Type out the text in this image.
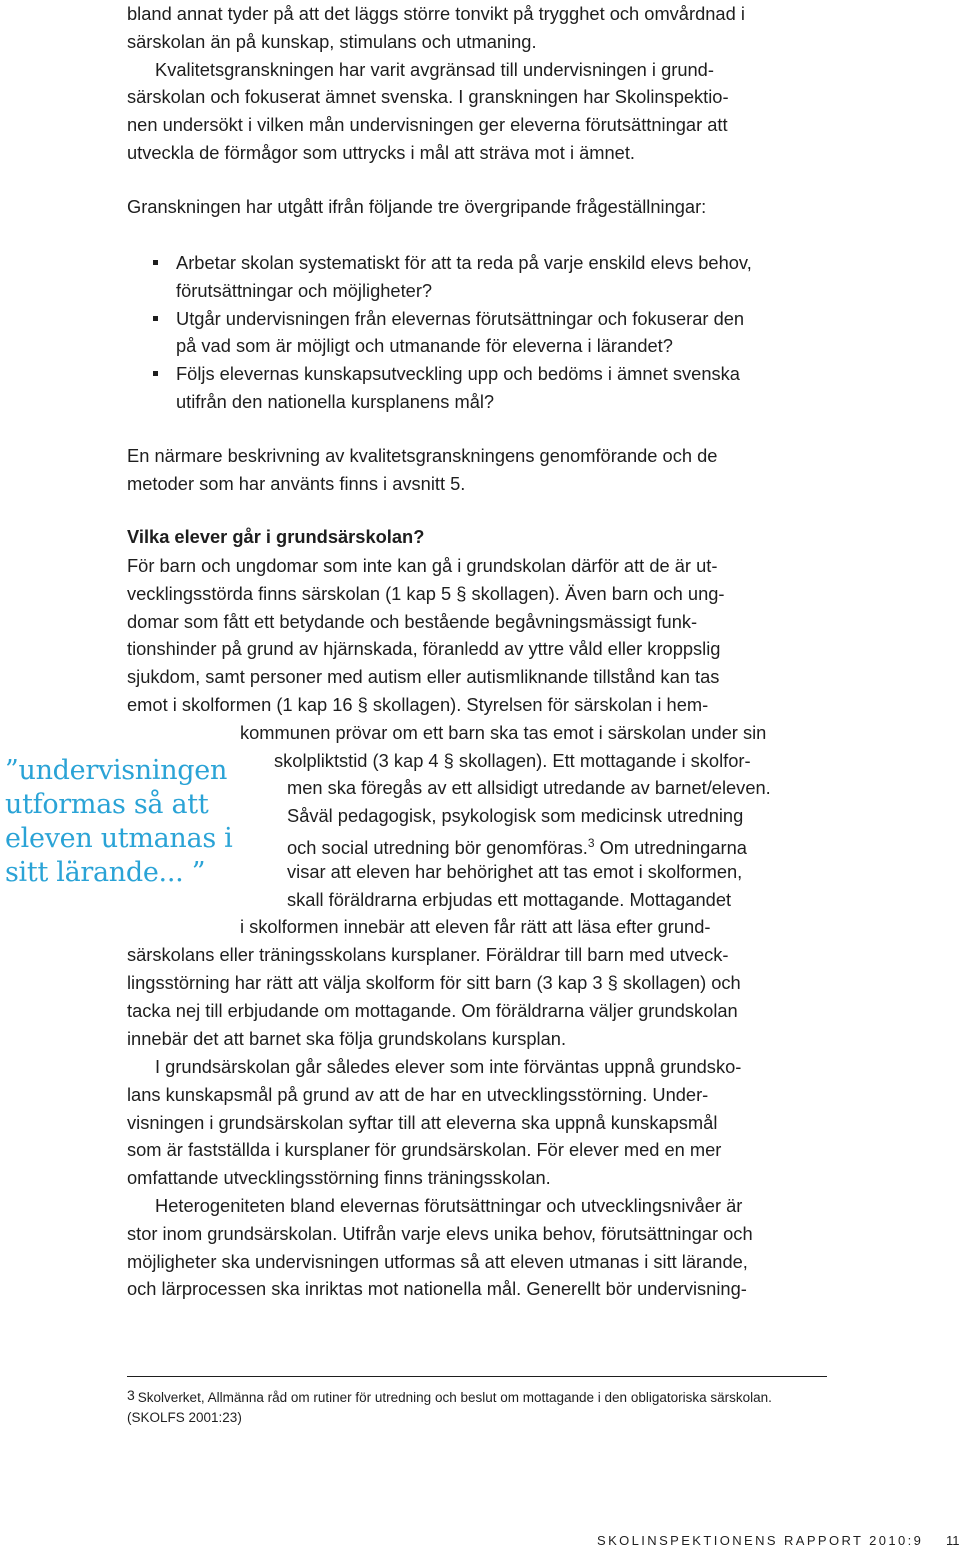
bland annat tyder på att det läggs större tonvikt på trygghet och omvårdnad i
särskolan än på kunskap, stimulans och utmaning.
Kvalitetsgranskningen har varit avgränsad till undervisningen i grund-
särskolan och fokuserat ämnet svenska. I granskningen har Skolinspektio-
nen undersökt i vilken mån undervisningen ger eleverna förutsättningar att
utveckla de förmågor som uttrycks i mål att sträva mot i ämnet.
Granskningen har utgått ifrån följande tre övergripande frågeställningar:
Arbetar skolan systematiskt för att ta reda på varje enskild elevs behov,
förutsättningar och möjligheter?
Utgår undervisningen från elevernas förutsättningar och fokuserar den
på vad som är möjligt och utmanande för eleverna i lärandet?
Följs elevernas kunskapsutveckling upp och bedöms i ämnet svenska
utifrån den nationella kursplanens mål?
En närmare beskrivning av kvalitetsgranskningens genomförande och de
metoder som har använts finns i avsnitt 5.
Vilka elever går i grundsärskolan?
För barn och ungdomar som inte kan gå i grundskolan därför att de är ut-
vecklingsstörda finns särskolan (1 kap 5 § skollagen). Även barn och ung-
domar som fått ett betydande och bestående begåvningsmässigt funk-
tionshinder på grund av hjärnskada, föranledd av yttre våld eller kroppslig
sjukdom, samt personer med autism eller autismliknande tillstånd kan tas
emot i skolformen (1 kap 16 § skollagen). Styrelsen för särskolan i hem-
kommunen prövar om ett barn ska tas emot i särskolan under sin
skolpliktstid (3 kap 4 § skollagen). Ett mottagande i skolfor-
men ska föregås av ett allsidigt utredande av barnet/eleven.
Såväl pedagogisk, psykologisk som medicinsk utredning
och social utredning bör genomföras.$^3$ Om utredningarna
visar att eleven har behörighet att tas emot i skolformen,
skall föräldrarna erbjudas ett mottagande. Mottagandet
i skolformen innebär att eleven får rätt att läsa efter grund-
särskolans eller träningsskolans kursplaner. Föräldrar till barn med utveck-
lingsstörning har rätt att välja skolform för sitt barn (3 kap 3 § skollagen) och
tacka nej till erbjudande om mottagande. Om föräldrarna väljer grundskolan
innebär det att barnet ska följa grundskolans kursplan.
I grundsärskolan går således elever som inte förväntas uppnå grundsko-
lans kunskapsmål på grund av att de har en utvecklingsstörning. Under-
visningen i grundsärskolan syftar till att eleverna ska uppnå kunskapsmål
som är fastställda i kursplaner för grundsärskolan. För elever med en mer
omfattande utvecklingsstörning finns träningsskolan.
Heterogeniteten bland elevernas förutsättningar och utvecklingsnivåer är
stor inom grundsärskolan. Utifrån varje elevs unika behov, förutsättningar och
möjligheter ska undervisningen utformas så att eleven utmanas i sitt lärande,
och lärprocessen ska inriktas mot nationella mål. Generellt bör undervisning-
”undervisningen
utformas så att
eleven utmanas i
sitt lärande... ”
$^3$ Skolverket, Allmänna råd om rutiner för utredning och beslut om mottagande i den obligatoriska särskolan.
(SKOLFS 2001:23)
SKOLINSPEKTIONENS RAPPORT 2010:9 11
